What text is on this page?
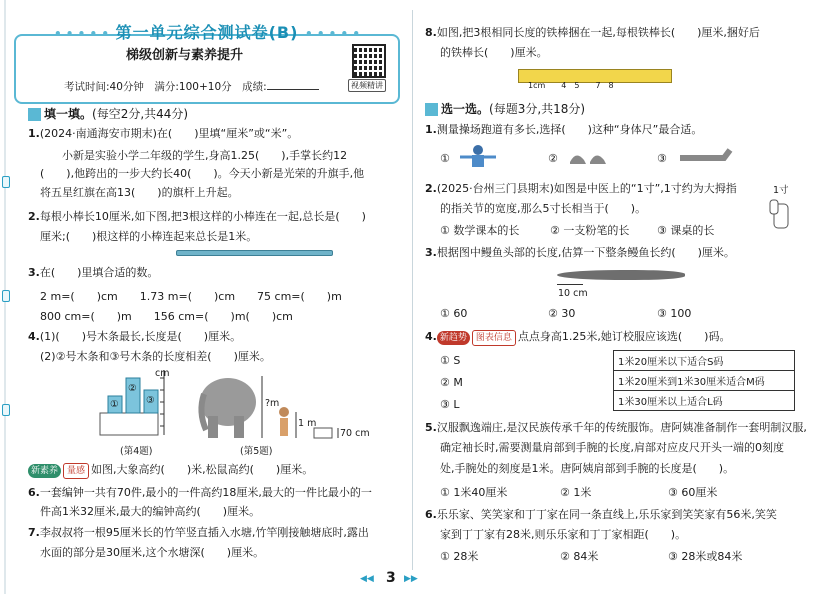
• • • • • 第一单元综合测试卷(B) • • • • •
梯级创新与素养提升
考试时间:40分钟　满分:100+10分　成绩:	视频精讲
填一填。(每空2分,共44分)
1.(2024·南通海安市期末)在(　　)里填“厘米”或“米”。
小新是实验小学二年级的学生,身高1.25(　　),手掌长约12
(　　),他跨出的一步大约长40(　　)。今天小新是光荣的升旗手,他
将五星红旗在高13(　　)的旗杆上升起。
2.每根小棒长10厘米,如下图,把3根这样的小棒连在一起,总长是(　　)
厘米;(　　)根这样的小棒连起来总长是1米。
3.在(　　)里填合适的数。
2 m=(　　)cm　　1.73 m=(　　)cm　　75 cm=(　　)m
800 cm=(　　)m　　156 cm=(　　)m(　　)cm
4.(1)(　　)号木条最长,长度是(　　)厘米。
(2)②号木条和③号木条的长度相差(　　)厘米。
cm
①
②
③	?m
1 m
70 cm
(第4题)	(第5题)
新素养 量感 如图,大象高约(　　)米,松鼠高约(　　)厘米。
6.一套编钟一共有70件,最小的一件高约18厘米,最大的一件比最小的一
件高1米32厘米,最大的编钟高约(　　)厘米。
7.李叔叔将一根95厘米长的竹竿竖直插入水塘,竹竿刚接触塘底时,露出
水面的部分是30厘米,这个水塘深(　　)厘米。
8.如图,把3根相同长度的铁棒捆在一起,每根铁棒长(　　)厘米,捆好后
的铁棒长(　　)厘米。
1cm　　4　5　　7　8
选一选。(每题3分,共18分)
1.测量操场跑道有多长,选择(　　)这种“身体尺”最合适。
①	②	③
2.(2025·台州三门县期末)如图是中医上的“1寸”,1寸约为大拇指
的指关节的宽度,那么5寸长相当于(　　)。
1寸
① 数学课本的长	② 一支粉笔的长	③ 课桌的长
3.根据图中鳗鱼头部的长度,估算一下整条鳗鱼长约(　　)厘米。
10 cm
① 60	② 30	③ 100
4. 新趋势 图表信息 点点身高1.25米,她订校服应该选(　　)码。
① S
② M
③ L
1米20厘米以下适合S码
1米20厘米到1米30厘米适合M码
1米30厘米以上适合L码
5.汉服飘逸端庄,是汉民族传承千年的传统服饰。唐阿姨准备制作一套明制汉服,
确定袖长时,需要测量肩部到手腕的长度,肩部对应皮尺开头一端的0刻度
处,手腕处的刻度是1米。唐阿姨肩部到手腕的长度是(　　)。
① 1米40厘米	② 1米	③ 60厘米
6.乐乐家、笑笑家和丁丁家在同一条直线上,乐乐家到笑笑家有56米,笑笑
家到丁丁家有28米,则乐乐家和丁丁家相距(　　)。
① 28米	② 84米	③ 28米或84米
◀◀ 3 ▶▶
